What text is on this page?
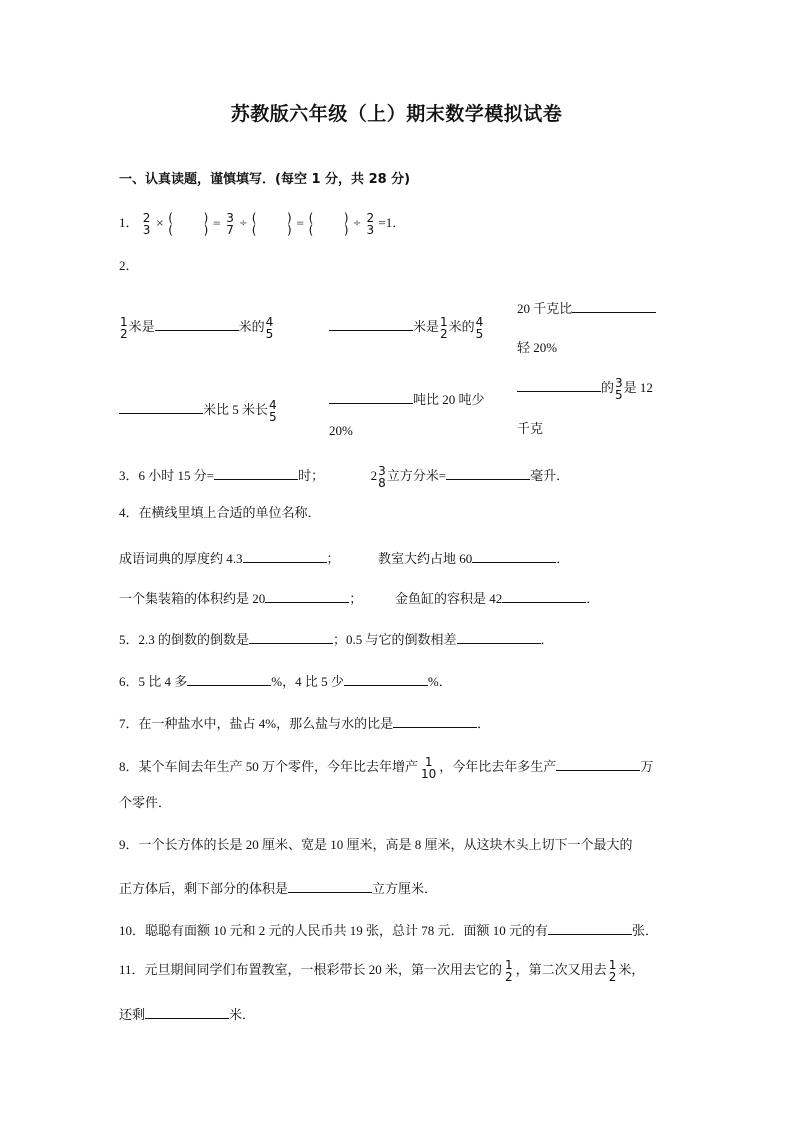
苏教版六年级（上）期末数学模拟试卷
一、认真读题，谨慎填写．(每空 1 分，共 28 分)
1． 2
3 × (	)
(	) = 3
7 ÷ (	)
(	) = (	)
(	) ÷ 2
3
=1．
2．
1
2
米是	米的 4
5
米是 1
2
米的 4
5
20 千克比
轻 20%
米比 5 米长 4
5
吨比 20 吨少
20%
的 3
5
是 12
千克
3．6 小时 15 分=	时；	2 3
8
立方分米=	毫升．
4．在横线里填上合适的单位名称．
成语词典的厚度约 4.3	；	教室大约占地 60	．
一个集装箱的体积约是 20	；	金鱼缸的容积是 42	．
5．2.3 的倒数的倒数是	；0.5 与它的倒数相差	．
6．5 比 4 多	%，4 比 5 少	%．
7．在一种盐水中，盐占 4%，那么盐与水的比是	．
8．某个车间去年生产 50 万个零件，今年比去年增产 1
10
，今年比去年多生产	万
个零件．
9．一个长方体的长是 20 厘米、宽是 10 厘米，高是 8 厘米，从这块木头上切下一个最大的
正方体后，剩下部分的体积是	立方厘米．
10．聪聪有面额 10 元和 2 元的人民币共 19 张，总计 78 元．面额 10 元的有	张．
11．元旦期间同学们布置教室，一根彩带长 20 米，第一次用去它的 1
2
，第二次又用去 1
2
米，
还剩	米．
